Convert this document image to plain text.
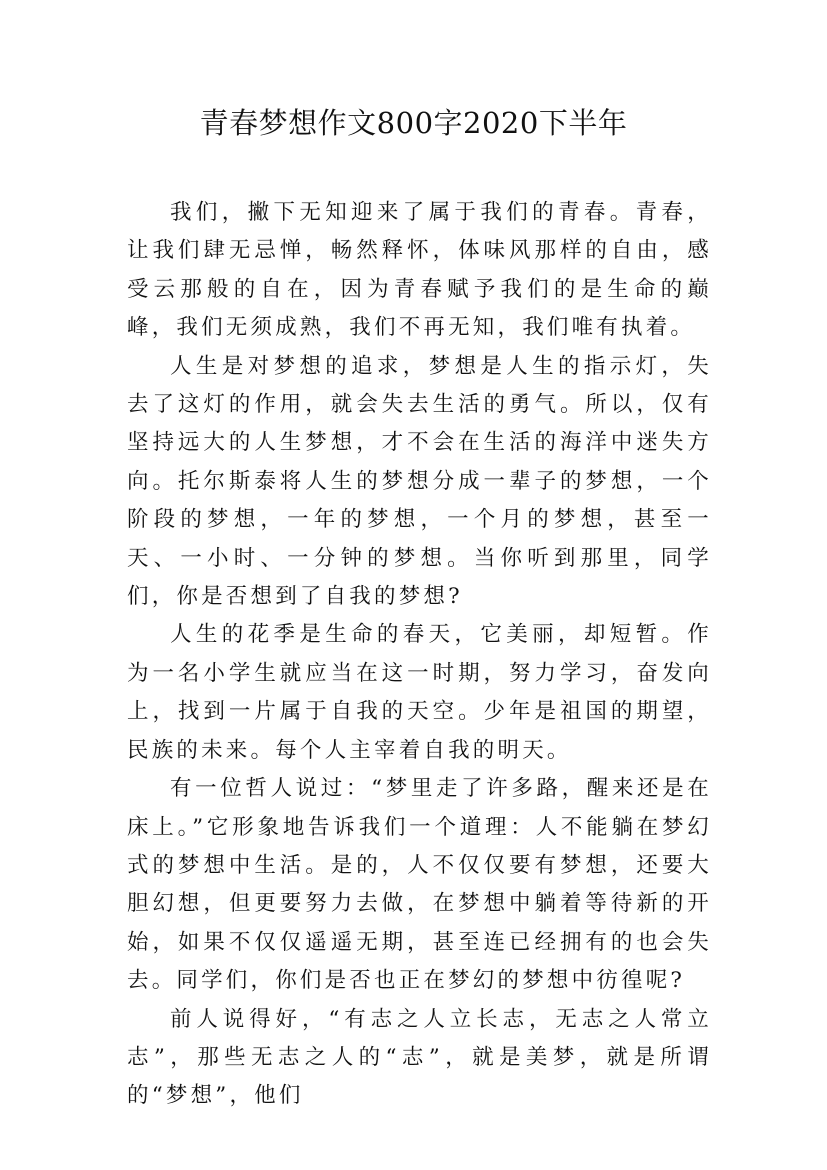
青春梦想作文800字2020下半年

我们，撇下无知迎来了属于我们的青春。青春，让我们肆无忌惮，畅然释怀，体味风那样的自由，感受云那般的自在，因为青春赋予我们的是生命的巅峰，我们无须成熟，我们不再无知，我们唯有执着。

人生是对梦想的追求，梦想是人生的指示灯，失去了这灯的作用，就会失去生活的勇气。所以，仅有坚持远大的人生梦想，才不会在生活的海洋中迷失方向。托尔斯泰将人生的梦想分成一辈子的梦想，一个阶段的梦想，一年的梦想，一个月的梦想，甚至一天、一小时、一分钟的梦想。当你听到那里，同学们，你是否想到了自我的梦想?

人生的花季是生命的春天，它美丽，却短暂。作为一名小学生就应当在这一时期，努力学习，奋发向上，找到一片属于自我的天空。少年是祖国的期望，民族的未来。每个人主宰着自我的明天。

有一位哲人说过：“梦里走了许多路，醒来还是在床上。”它形象地告诉我们一个道理：人不能躺在梦幻式的梦想中生活。是的，人不仅仅要有梦想，还要大胆幻想，但更要努力去做，在梦想中躺着等待新的开始，如果不仅仅遥遥无期，甚至连已经拥有的也会失去。同学们，你们是否也正在梦幻的梦想中彷徨呢?

前人说得好，“有志之人立长志，无志之人常立志”，那些无志之人的“志”，就是美梦，就是所谓的“梦想”，他们
